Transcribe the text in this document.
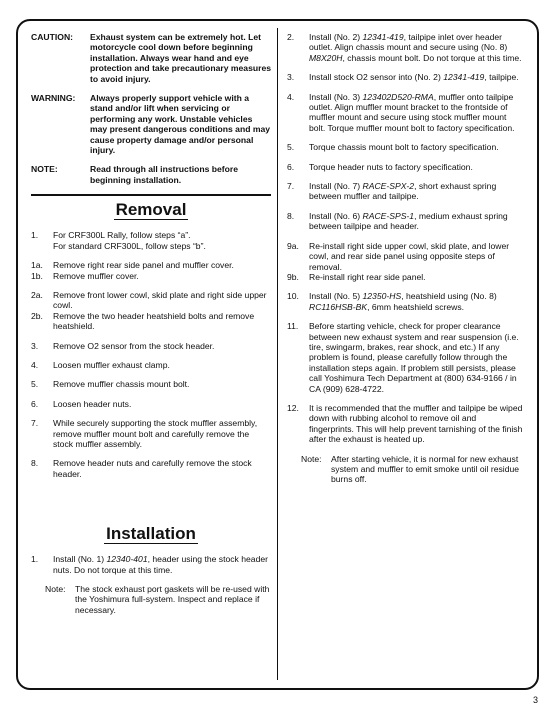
CAUTION:	Exhaust system can be extremely hot. Let motorcycle cool down before beginning installation. Always wear hand and eye protection and take precautionary measures to avoid injury.
WARNING:	Always properly support vehicle with a stand and/or lift when servicing or performing any work. Unstable vehicles may present dangerous conditions and may cause property damage and/or personal injury.
NOTE:	Read through all instructions before beginning installation.
Removal
1.	For CRF300L Rally, follow steps “a”.
For standard CRF300L, follow steps “b”.
1a.	Remove right rear side panel and muffler cover.
1b.	Remove muffler cover.
2a.	Remove front lower cowl, skid plate and right side upper cowl.
2b.	Remove the two header heatshield bolts and remove heatshield.
3.	Remove O2 sensor from the stock header.
4.	Loosen muffler exhaust clamp.
5.	Remove muffler chassis mount bolt.
6.	Loosen header nuts.
7.	While securely supporting the stock muffler assembly, remove muffler mount bolt and carefully remove the stock muffler assembly.
8.	Remove header nuts and carefully remove the stock header.
Installation
1.	Install (No. 1) 12340-401, header using the stock header nuts. Do not torque at this time.
Note:	The stock exhaust port gaskets will be re-used with the Yoshimura full-system. Inspect and replace if necessary.
2.	Install (No. 2) 12341-419, tailpipe inlet over header outlet. Align chassis mount and secure using (No. 8) M8X20H, chassis mount bolt. Do not torque at this time.
3.	Install stock O2 sensor into (No. 2) 12341-419, tailpipe.
4.	Install (No. 3) 123402D520-RMA, muffler onto tailpipe outlet. Align muffler mount bracket to the frontside of muffler mount and secure using stock muffler mount bolt. Torque muffler mount bolt to factory specification.
5.	Torque chassis mount bolt to factory specification.
6.	Torque header nuts to factory specification.
7.	Install (No. 7) RACE-SPX-2, short exhaust spring between muffler and tailpipe.
8.	Install (No. 6) RACE-SPS-1, medium exhaust spring between tailpipe and header.
9a.	Re-install right side upper cowl, skid plate, and lower cowl, and rear side panel using opposite steps of removal.
9b.	Re-install right rear side panel.
10.	Install (No. 5) 12350-HS, heatshield using (No. 8) RC116HSB-BK, 6mm heatshield screws.
11.	Before starting vehicle, check for proper clearance between new exhaust system and rear suspension (i.e. tire, swingarm, brakes, rear shock, and etc.) If any problem is found, please carefully follow through the installation steps again. If problem still persists, please call Yoshimura Tech Department at (800) 634-9166 / in CA (909) 628-4722.
12.	It is recommended that the muffler and tailpipe be wiped down with rubbing alcohol to remove oil and fingerprints. This will help prevent tarnishing of the finish after the exhaust is heated up.
Note:	After starting vehicle, it is normal for new exhaust system and muffler to emit smoke until oil residue burns off.
3
